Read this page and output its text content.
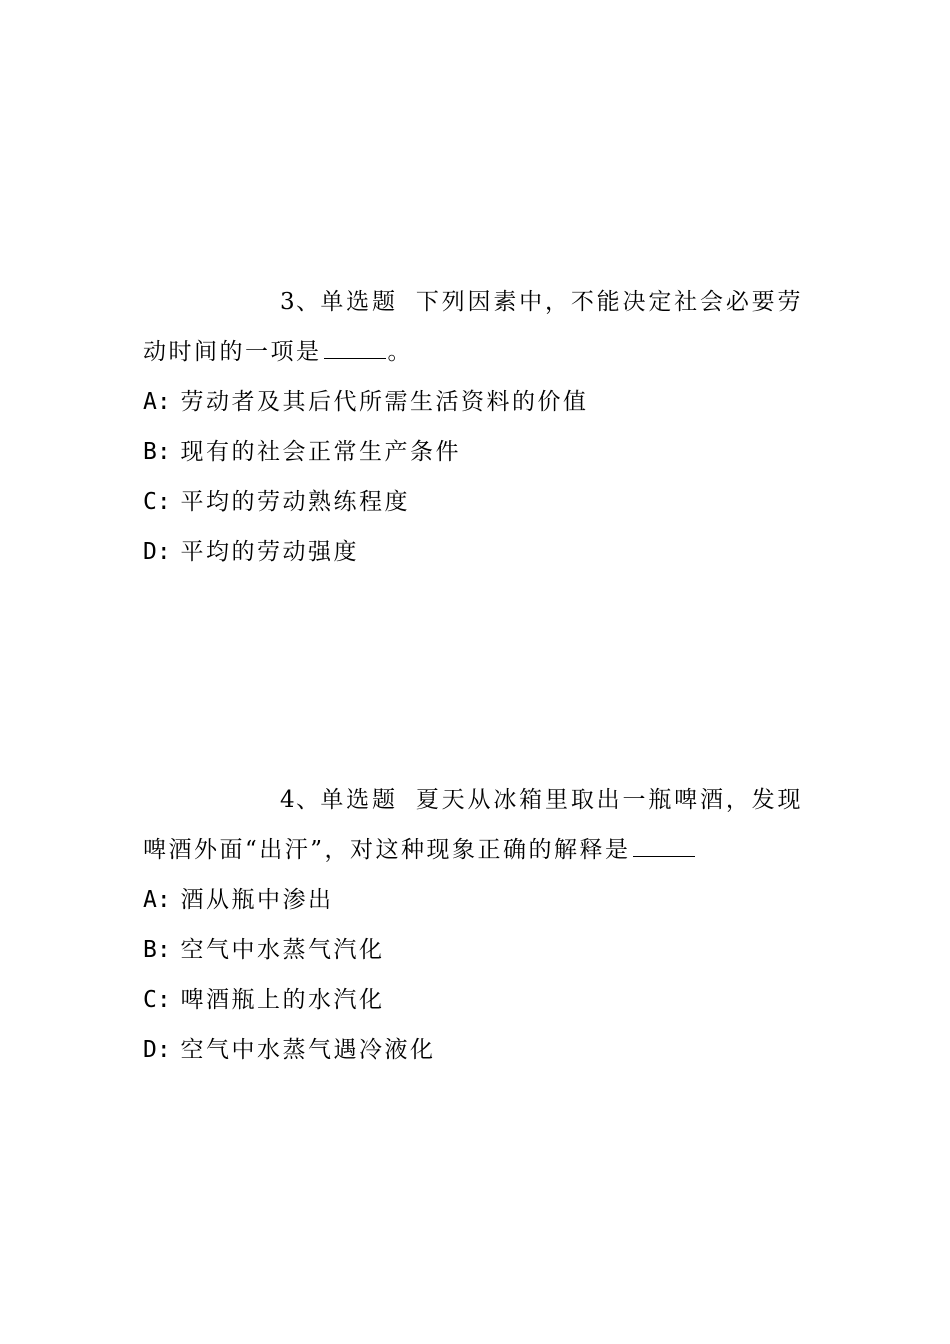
3、单选题 下列因素中，不能决定社会必要劳
动时间的一项是	。
A: 劳动者及其后代所需生活资料的价值
B: 现有的社会正常生产条件
C: 平均的劳动熟练程度
D: 平均的劳动强度
4、单选题 夏天从冰箱里取出一瓶啤酒，发现
啤酒外面“出汗”，对这种现象正确的解释是
A: 酒从瓶中渗出
B: 空气中水蒸气汽化
C: 啤酒瓶上的水汽化
D: 空气中水蒸气遇冷液化
